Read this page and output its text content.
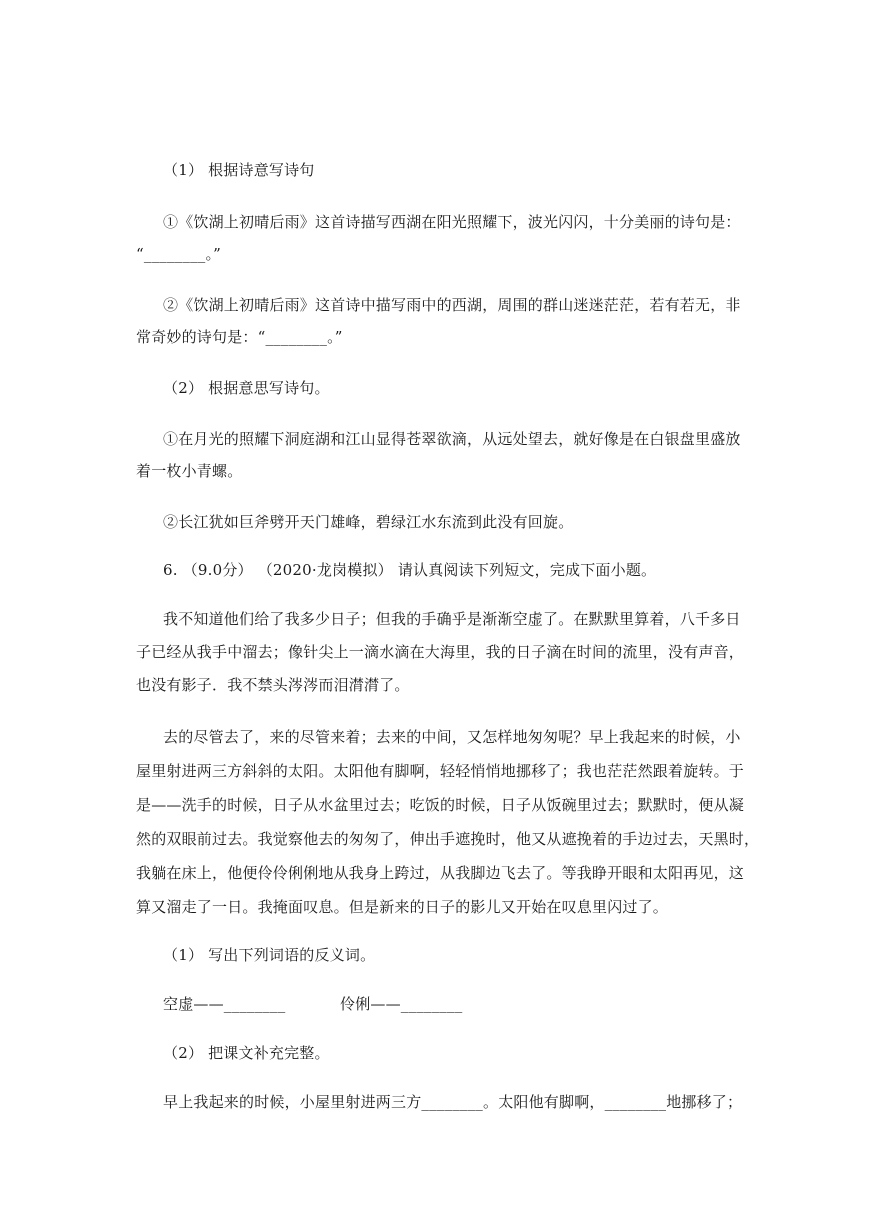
（1） 根据诗意写诗句
①《饮湖上初晴后雨》这首诗描写西湖在阳光照耀下，波光闪闪，十分美丽的诗句是：
“________。”
②《饮湖上初晴后雨》这首诗中描写雨中的西湖，周围的群山迷迷茫茫，若有若无，非
常奇妙的诗句是：“________。”
（2） 根据意思写诗句。
①在月光的照耀下洞庭湖和江山显得苍翠欲滴，从远处望去，就好像是在白银盘里盛放
着一枚小青螺。
②长江犹如巨斧劈开天门雄峰，碧绿江水东流到此没有回旋。
6. （9.0分） （2020·龙岗模拟） 请认真阅读下列短文，完成下面小题。
我不知道他们给了我多少日子；但我的手确乎是渐渐空虚了。在默默里算着，八千多日
子已经从我手中溜去；像针尖上一滴水滴在大海里，我的日子滴在时间的流里，没有声音，
也没有影子．我不禁头涔涔而泪潸潸了。
去的尽管去了，来的尽管来着；去来的中间，又怎样地匆匆呢？早上我起来的时候，小
屋里射进两三方斜斜的太阳。太阳他有脚啊，轻轻悄悄地挪移了；我也茫茫然跟着旋转。于
是——洗手的时候，日子从水盆里过去；吃饭的时候，日子从饭碗里过去；默默时，便从凝
然的双眼前过去。我觉察他去的匆匆了，伸出手遮挽时，他又从遮挽着的手边过去，天黑时，
我躺在床上，他便伶伶俐俐地从我身上跨过，从我脚边飞去了。等我睁开眼和太阳再见，这
算又溜走了一日。我掩面叹息。但是新来的日子的影儿又开始在叹息里闪过了。
（1） 写出下列词语的反义词。
空虚——________	伶俐——________
（2） 把课文补充完整。
早上我起来的时候，小屋里射进两三方________。太阳他有脚啊，________地挪移了；
